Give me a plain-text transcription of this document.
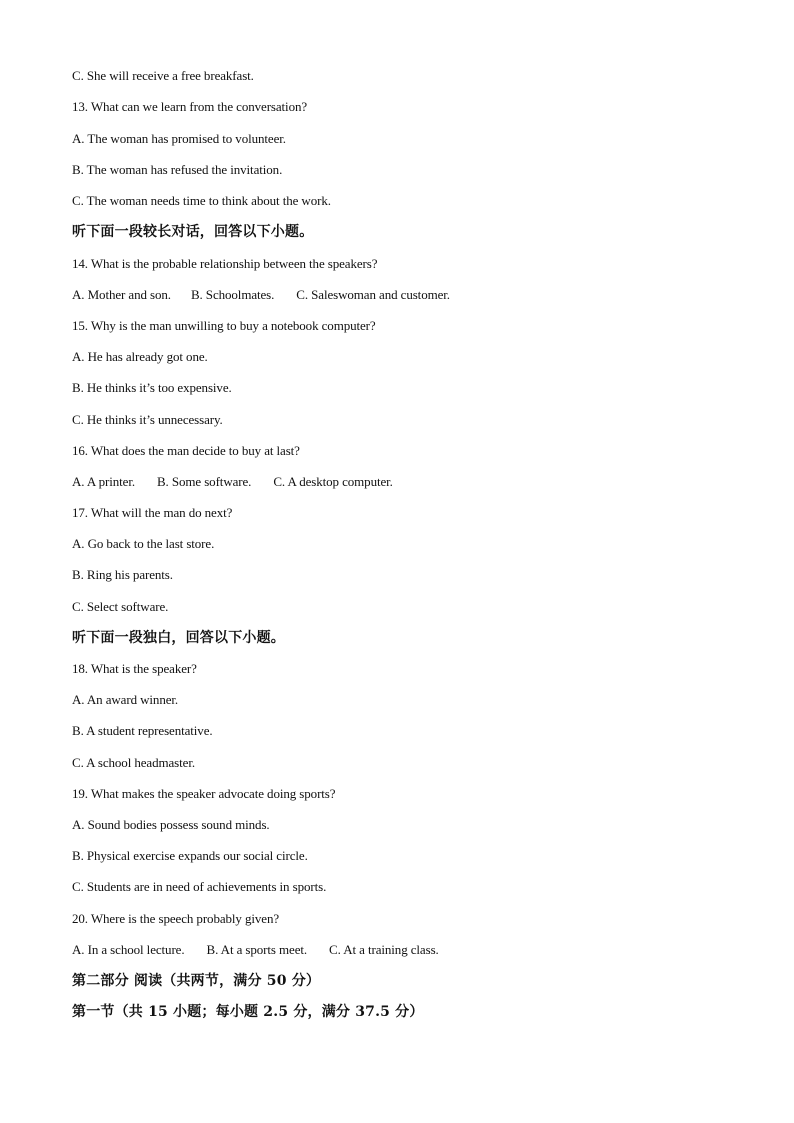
C. She will receive a free breakfast.
13. What can we learn from the conversation?
A. The woman has promised to volunteer.
B. The woman has refused the invitation.
C. The woman needs time to think about the work.
听下面一段较长对话，回答以下小题。
14. What is the probable relationship between the speakers?
A. Mother and son. B. Schoolmates. C. Saleswoman and customer.
15. Why is the man unwilling to buy a notebook computer?
A. He has already got one.
B. He thinks it’s too expensive.
C. He thinks it’s unnecessary.
16. What does the man decide to buy at last?
A. A printer. B. Some software. C. A desktop computer.
17. What will the man do next?
A. Go back to the last store.
B. Ring his parents.
C. Select software.
听下面一段独白，回答以下小题。
18. What is the speaker?
A. An award winner.
B. A student representative.
C. A school headmaster.
19. What makes the speaker advocate doing sports?
A. Sound bodies possess sound minds.
B. Physical exercise expands our social circle.
C. Students are in need of achievements in sports.
20. Where is the speech probably given?
A. In a school lecture. B. At a sports meet. C. At a training class.
第二部分 阅读（共两节，满分 50 分）
第一节（共 15 小题；每小题 2.5 分，满分 37.5 分）
